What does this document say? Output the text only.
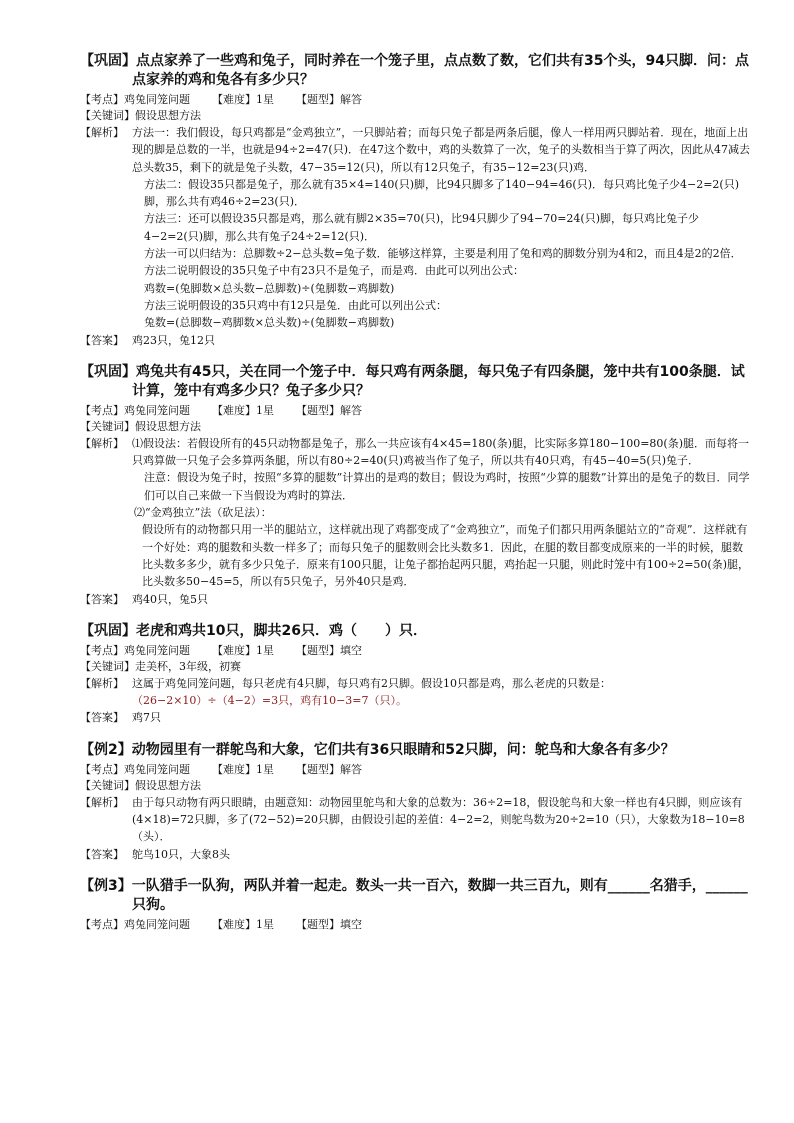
【巩固】点点家养了一些鸡和兔子，同时养在一个笼子里，点点数了数，它们共有35个头，94只脚．问：点点家养的鸡和兔各有多少只？
【考点】鸡兔同笼问题 【难度】1星 【题型】解答
【关键词】假设思想方法
【解析】 方法一：我们假设，每只鸡都是“金鸡独立”，一只脚站着；而每只兔子都是两条后腿，像人一样用两只脚站着．现在，地面上出现的脚是总数的一半，也就是94÷2=47(只)．在47这个数中，鸡的头数算了一次，兔子的头数相当于算了两次，因此从47减去总头数35，剩下的就是兔子头数，47−35=12(只)，所以有12只兔子，有35−12=23(只)鸡．

方法二：假设35只都是兔子，那么就有35×4=140(只)脚，比94只脚多了140−94=46(只)．每只鸡比兔子少4−2=2(只)脚，那么共有鸡46÷2=23(只)．

方法三：还可以假设35只都是鸡，那么就有脚2×35=70(只)，比94只脚少了94−70=24(只)脚，每只鸡比兔子少4−2=2(只)脚，那么共有兔子24÷2=12(只)．

方法一可以归结为：总脚数÷2−总头数=兔子数．能够这样算，主要是利用了兔和鸡的脚数分别为4和2，而且4是2的2倍．

方法二说明假设的35只兔子中有23只不是兔子，而是鸡．由此可以列出公式：

鸡数=(兔脚数×总头数−总脚数)÷(兔脚数−鸡脚数)

方法三说明假设的35只鸡中有12只是兔．由此可以列出公式：

兔数=(总脚数−鸡脚数×总头数)÷(兔脚数−鸡脚数)

【答案】 鸡23只，兔12只
【巩固】鸡兔共有45只，关在同一个笼子中．每只鸡有两条腿，每只兔子有四条腿，笼中共有100条腿．试计算，笼中有鸡多少只？兔子多少只？
【考点】鸡兔同笼问题 【难度】1星 【题型】解答
【关键词】假设思想方法
【解析】 ⑴假设法：若假设所有的45只动物都是兔子，那么一共应该有4×45=180(条)腿，比实际多算180−100=80(条)腿．而每将一只鸡算做一只兔子会多算两条腿，所以有80÷2=40(只)鸡被当作了兔子，所以共有40只鸡，有45−40=5(只)兔子．

注意：假设为兔子时，按照“多算的腿数”计算出的是鸡的数目；假设为鸡时，按照“少算的腿数”计算出的是兔子的数目．同学们可以自己来做一下当假设为鸡时的算法．

⑵“金鸡独立”法（砍足法）：

假设所有的动物都只用一半的腿站立，这样就出现了鸡都变成了“金鸡独立”，而兔子们都只用两条腿站立的“奇观”．这样就有一个好处：鸡的腿数和头数一样多了；而每只兔子的腿数则会比头数多1．因此，在腿的数目都变成原来的一半的时候，腿数比头数多多少，就有多少只兔子．原来有100只腿，让兔子都抬起两只腿，鸡抬起一只腿，则此时笼中有100÷2=50(条)腿，比头数多50−45=5，所以有5只兔子，另外40只是鸡．

【答案】 鸡40只，兔5只
【巩固】老虎和鸡共10只，脚共26只．鸡（　　）只．
【考点】鸡兔同笼问题 【难度】1星 【题型】填空
【关键词】走美杯，3年级，初赛
【解析】 这属于鸡兔同笼问题，每只老虎有4只脚，每只鸡有2只脚。假设10只都是鸡，那么老虎的只数是：

（26−2×10）÷（4−2）=3只，鸡有10−3=7（只）。

【答案】 鸡7只
【例2】动物园里有一群鸵鸟和大象，它们共有36只眼睛和52只脚，问：鸵鸟和大象各有多少？
【考点】鸡兔同笼问题 【难度】1星 【题型】解答
【关键词】假设思想方法
【解析】 由于每只动物有两只眼睛，由题意知：动物园里鸵鸟和大象的总数为：36÷2=18，假设鸵鸟和大象一样也有4只脚，则应该有(4×18)=72只脚，多了(72−52)=20只脚，由假设引起的差值：4−2=2，则鸵鸟数为20÷2=10（只），大象数为18−10=8（头）．

【答案】 鸵鸟10只，大象8头
【例3】一队猎手一队狗，两队并着一起走。数头一共一百六，数脚一共三百九，则有______名猎手，______只狗。
【考点】鸡兔同笼问题 【难度】1星 【题型】填空
